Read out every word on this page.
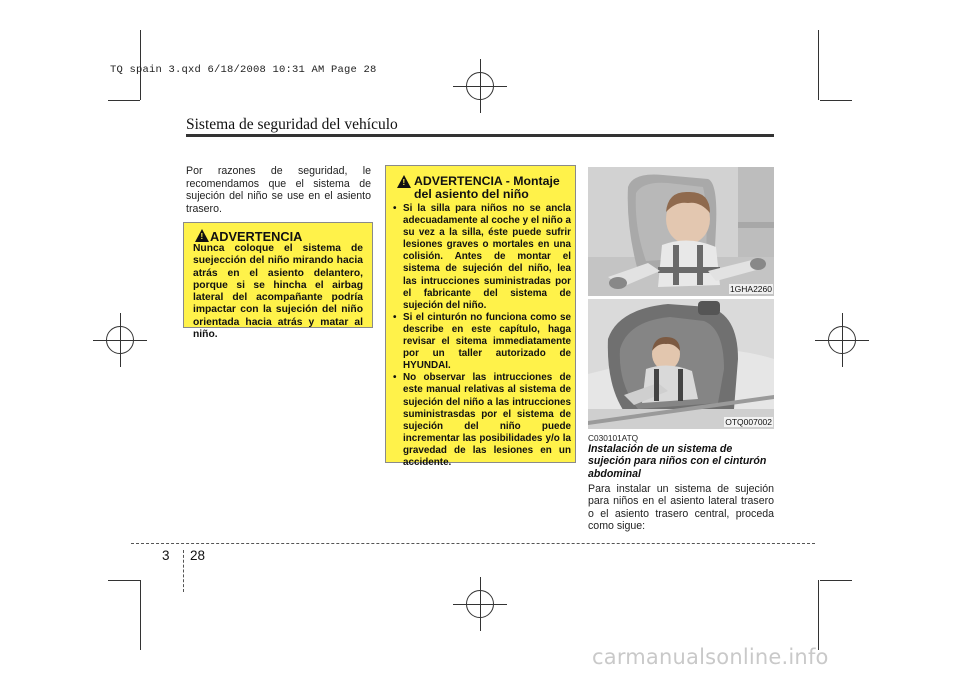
TQ spain 3.qxd 6/18/2008 10:31 AM Page 28
Sistema de seguridad del vehículo
Por razones de seguridad, le recomendamos que el sistema de sujeción del niño se use en el asiento trasero.
! ADVERTENCIA
Nunca coloque el sistema de suejección del niño mirando hacia atrás en el asiento delantero, porque si se hincha el airbag lateral del acompañante podría impactar con la sujeción del niño orientada hacia atrás y matar al niño.
! ADVERTENCIA - Montaje del asiento del niño
• Si la silla para niños no se ancla adecuadamente al coche y el niño a su vez a la silla, éste puede sufrir lesiones graves o mortales en una colisión. Antes de montar el sistema de sujeción del niño, lea las intrucciones suministradas por el fabricante del sistema de sujeción del niño.
• Si el cinturón no funciona como se describe en este capítulo, haga revisar el sitema immediatamente por un taller autorizado de HYUNDAI.
• No observar las intrucciones de este manual relativas al sistema de sujeción del niño a las intrucciones suministrasdas por el sistema de sujeción del niño puede incrementar las posibilidades y/o la gravedad de las lesiones en un accidente.
1GHA2260
OTQ007002
C030101ATQ
Instalación de un sistema de sujeción para niños con el cinturón abdominal
Para instalar un sistema de sujeción para niños en el asiento lateral trasero o el asiento trasero central, proceda como sigue:
3 28
carmanualsonline.info
